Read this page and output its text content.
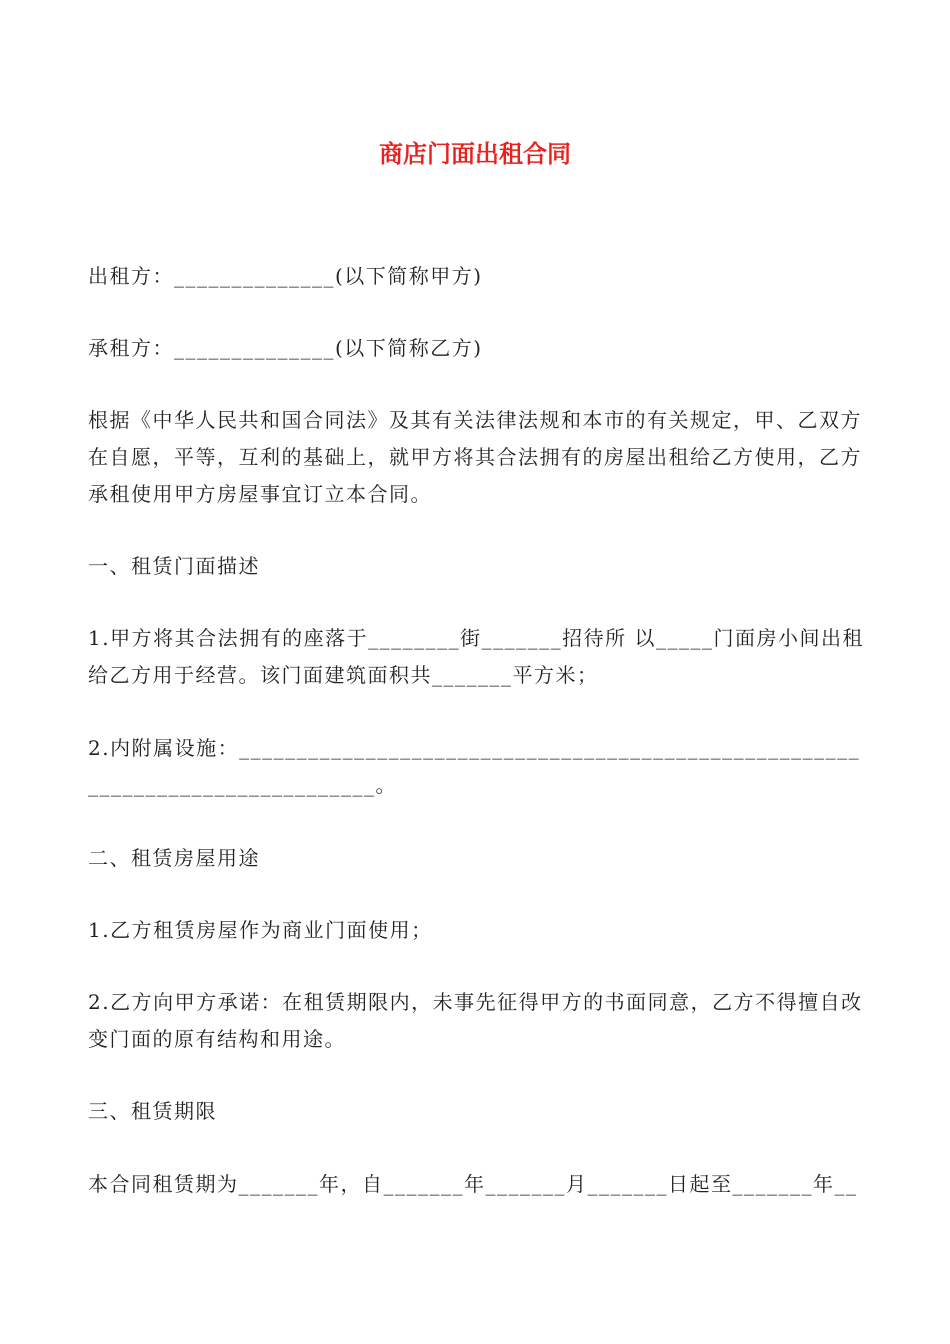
商店门面出租合同

出租方：______________(以下简称甲方)

承租方：______________(以下简称乙方)

根据《中华人民共和国合同法》及其有关法律法规和本市的有关规定，甲、乙双方在自愿，平等，互利的基础上，就甲方将其合法拥有的房屋出租给乙方使用，乙方承租使用甲方房屋事宜订立本合同。

一、租赁门面描述

1.甲方将其合法拥有的座落于________街_______招待所 以_____门面房小间出租给乙方用于经营。该门面建筑面积共_______平方米；

2.内附属设施：_______________________________________________________________________________。

二、租赁房屋用途

1.乙方租赁房屋作为商业门面使用；

2.乙方向甲方承诺：在租赁期限内，未事先征得甲方的书面同意，乙方不得擅自改变门面的原有结构和用途。

三、租赁期限

本合同租赁期为_______年，自_______年_______月_______日起至_______年__
